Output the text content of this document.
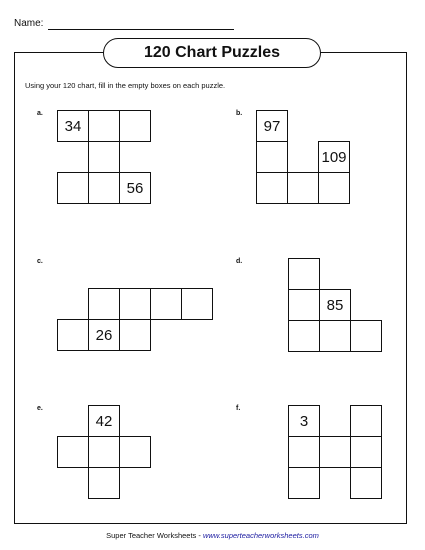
Name:
120 Chart Puzzles
Using your 120 chart, fill in the empty boxes on each puzzle.
a.
34
56
b.
97
109
c.
26
d.
85
e.
42
f.
3
Super Teacher Worksheets - www.superteacherworksheets.com
